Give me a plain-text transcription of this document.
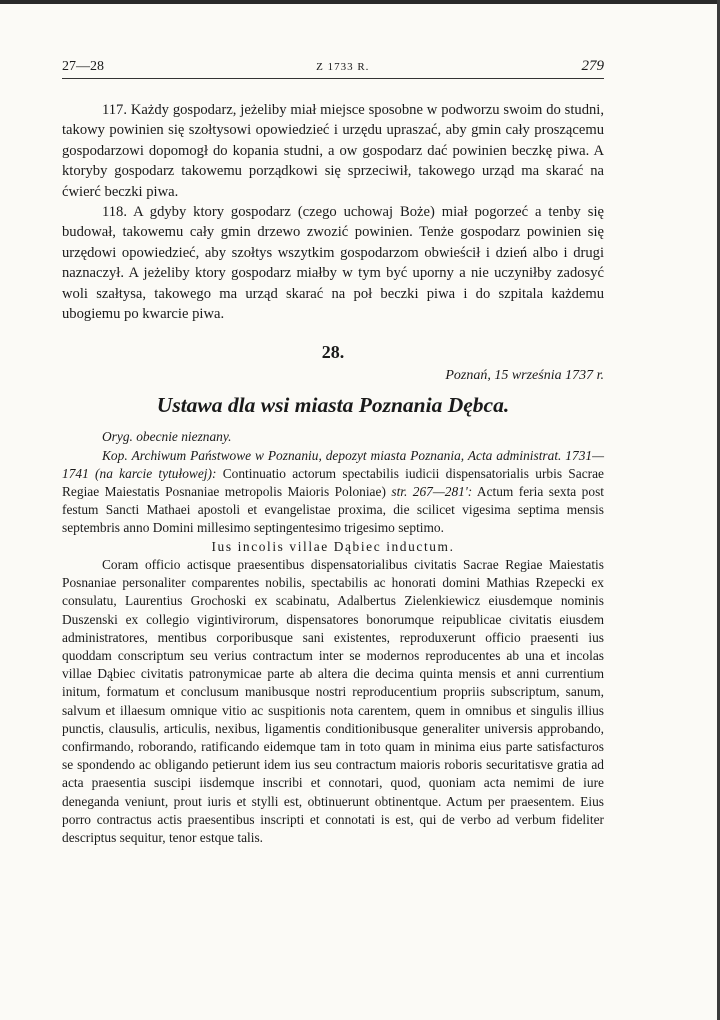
27—28	Z 1733 R.	279

117. Każdy gospodarz, jeżeliby miał miejsce sposobne w podworzu swoim do studni, takowy powinien się szołtysowi opowiedzieć i urzędu upraszać, aby gmin cały proszącemu gospodarzowi dopomogł do kopania studni, a ow gospodarz dać powinien beczkę piwa. A ktoryby gospodarz takowemu porządkowi się sprzeciwił, takowego urząd ma skarać na ćwierć beczki piwa.

118. A gdyby ktory gospodarz (czego uchowaj Boże) miał pogorzeć a tenby się budował, takowemu cały gmin drzewo zwozić powinien. Tenże gospodarz powinien się urzędowi opowiedzieć, aby szołtys wszytkim gospodarzom obwieścił i dzień albo i drugi naznaczył. A jeżeliby ktory gospodarz miałby w tym być uporny a nie uczyniłby zadosyć woli szałtysa, takowego ma urząd skarać na poł beczki piwa i do szpitala każdemu ubogiemu po kwarcie piwa.

28.
Poznań, 15 września 1737 r.
Ustawa dla wsi miasta Poznania Dębca.

Oryg. obecnie nieznany.

Kop. Archiwum Państwowe w Poznaniu, depozyt miasta Poznania, Acta administrat. 1731—1741 (na karcie tytułowej): Continuatio actorum spectabilis iudicii dispensatorialis urbis Sacrae Regiae Maiestatis Posnaniae metropolis Maioris Poloniae) str. 267—281': Actum feria sexta post festum Sancti Mathaei apostoli et evangelistae proxima, die scilicet vigesima septima mensis septembris anno Domini millesimo septingentesimo trigesimo septimo.

Ius incolis villae Dąbiec inductum.

Coram officio actisque praesentibus dispensatorialibus civitatis Sacrae Regiae Maiestatis Posnaniae personaliter comparentes nobilis, spectabilis ac honorati domini Mathias Rzepecki ex consulatu, Laurentius Grochoski ex scabinatu, Adalbertus Zielenkiewicz eiusdemque nominis Duszenski ex collegio vigintivirorum, dispensatores bonorumque reipublicae civitatis eiusdem administratores, mentibus corporibusque sani existentes, reproduxerunt officio praesenti ius quoddam conscriptum seu verius contractum inter se modernos reproducentes ab una et incolas villae Dąbiec civitatis patronymicae parte ab altera die decima quinta mensis et anni currentium initum, formatum et conclusum manibusque nostri reproducentium propriis subscriptum, sanum, salvum et illaesum omnique vitio ac suspitionis nota carentem, quem in omnibus et singulis illius punctis, clausulis, articulis, nexibus, ligamentis conditionibusque generaliter universis approbando, confirmando, roborando, ratificando eidemque tam in toto quam in minima eius parte satisfacturos se spondendo ac obligando petierunt idem ius seu contractum maioris roboris securitatisve gratia ad acta praesentia suscipi iisdemque inscribi et connotari, quod, quoniam acta nemimi de iure deneganda veniunt, prout iuris et stylli est, obtinuerunt obtinentque. Actum per praesentem. Eius porro contractus actis praesentibus inscripti et connotati is est, qui de verbo ad verbum fideliter descriptus sequitur, tenor estque talis.
